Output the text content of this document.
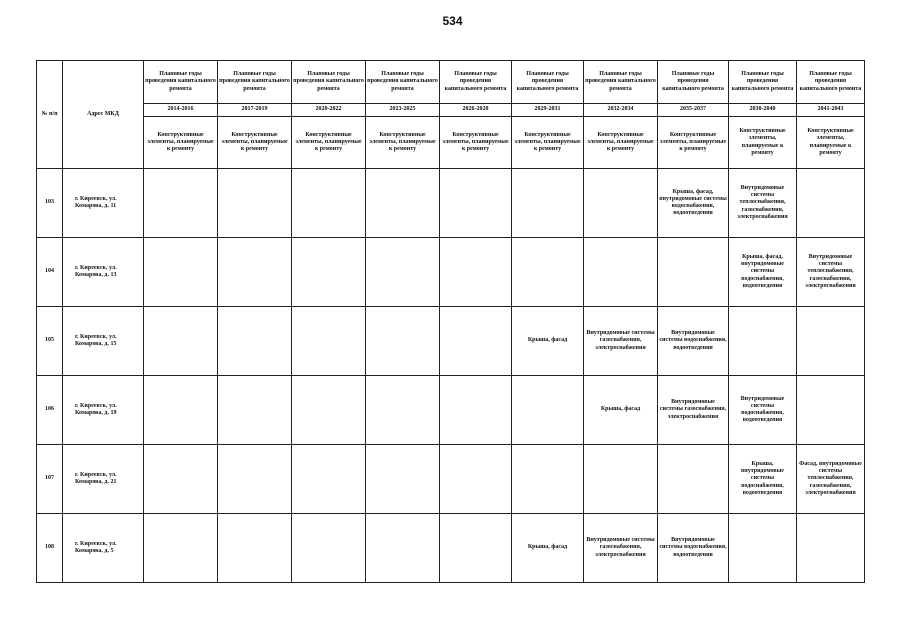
534
№ п/п	Адрес МКД	Плановые годы проведения капитального ремонта	Плановые годы проведения капитального ремонта	Плановые годы проведения капитального ремонта	Плановые годы проведения капитального ремонта	Плановые годы проведения капитального ремонта	Плановые годы проведения капитального ремонта	Плановые годы проведения капитального ремонта	Плановые годы проведения капитального ремонта	Плановые годы проведения капитального ремонта	Плановые годы проведения капитального ремонта
		2014-2016	2017-2019	2020-2022	2023-2025	2026-2028	2029-2031	2032-2034	2035-2037	2038-2040	2041-2043
		Конструктивные элементы, планируемые к ремонту	Конструктивные элементы, планируемые к ремонту	Конструктивные элементы, планируемые к ремонту	Конструктивные элементы, планируемые к ремонту	Конструктивные элементы, планируемые к ремонту	Конструктивные элементы, планируемые к ремонту	Конструктивные элементы, планируемые к ремонту	Конструктивные элементы, планируемые к ремонту	Конструктивные элементы, планируемые к ремонту	Конструктивные элементы, планируемые к ремонту
103	г. Киреевск, ул. Комарова, д. 11								Крыша, фасад, внутридомовые системы водоснабжения, водоотведения	Внутридомовые системы теплоснабжения, газоснабжения, электроснабжения	
104	г. Киреевск, ул. Комарова, д. 13									Крыша, фасад, внутридомовые системы водоснабжения, водоотведения	Внутридомовые системы теплоснабжения, газоснабжения, электроснабжения
105	г. Киреевск, ул. Комарова, д. 15						Крыша, фасад	Внутридомовые системы газоснабжения, электроснабжения	Внутридомовые системы водоснабжения, водоотведения		
106	г. Киреевск, ул. Комарова, д. 19							Крыша, фасад	Внутридомовые системы газоснабжения, электроснабжения	Внутридомовые системы водоснабжения, водоотведения	
107	г. Киреевск, ул. Комарова, д. 21									Крыша, внутридомовые системы водоснабжения, водоотведения	Фасад, внутридомовые системы теплоснабжения, газоснабжения, электроснабжения
108	г. Киреевск, ул. Комарова, д. 5						Крыша, фасад	Внутридомовые системы газоснабжения, электроснабжения	Внутридомовые системы водоснабжения, водоотведения		
